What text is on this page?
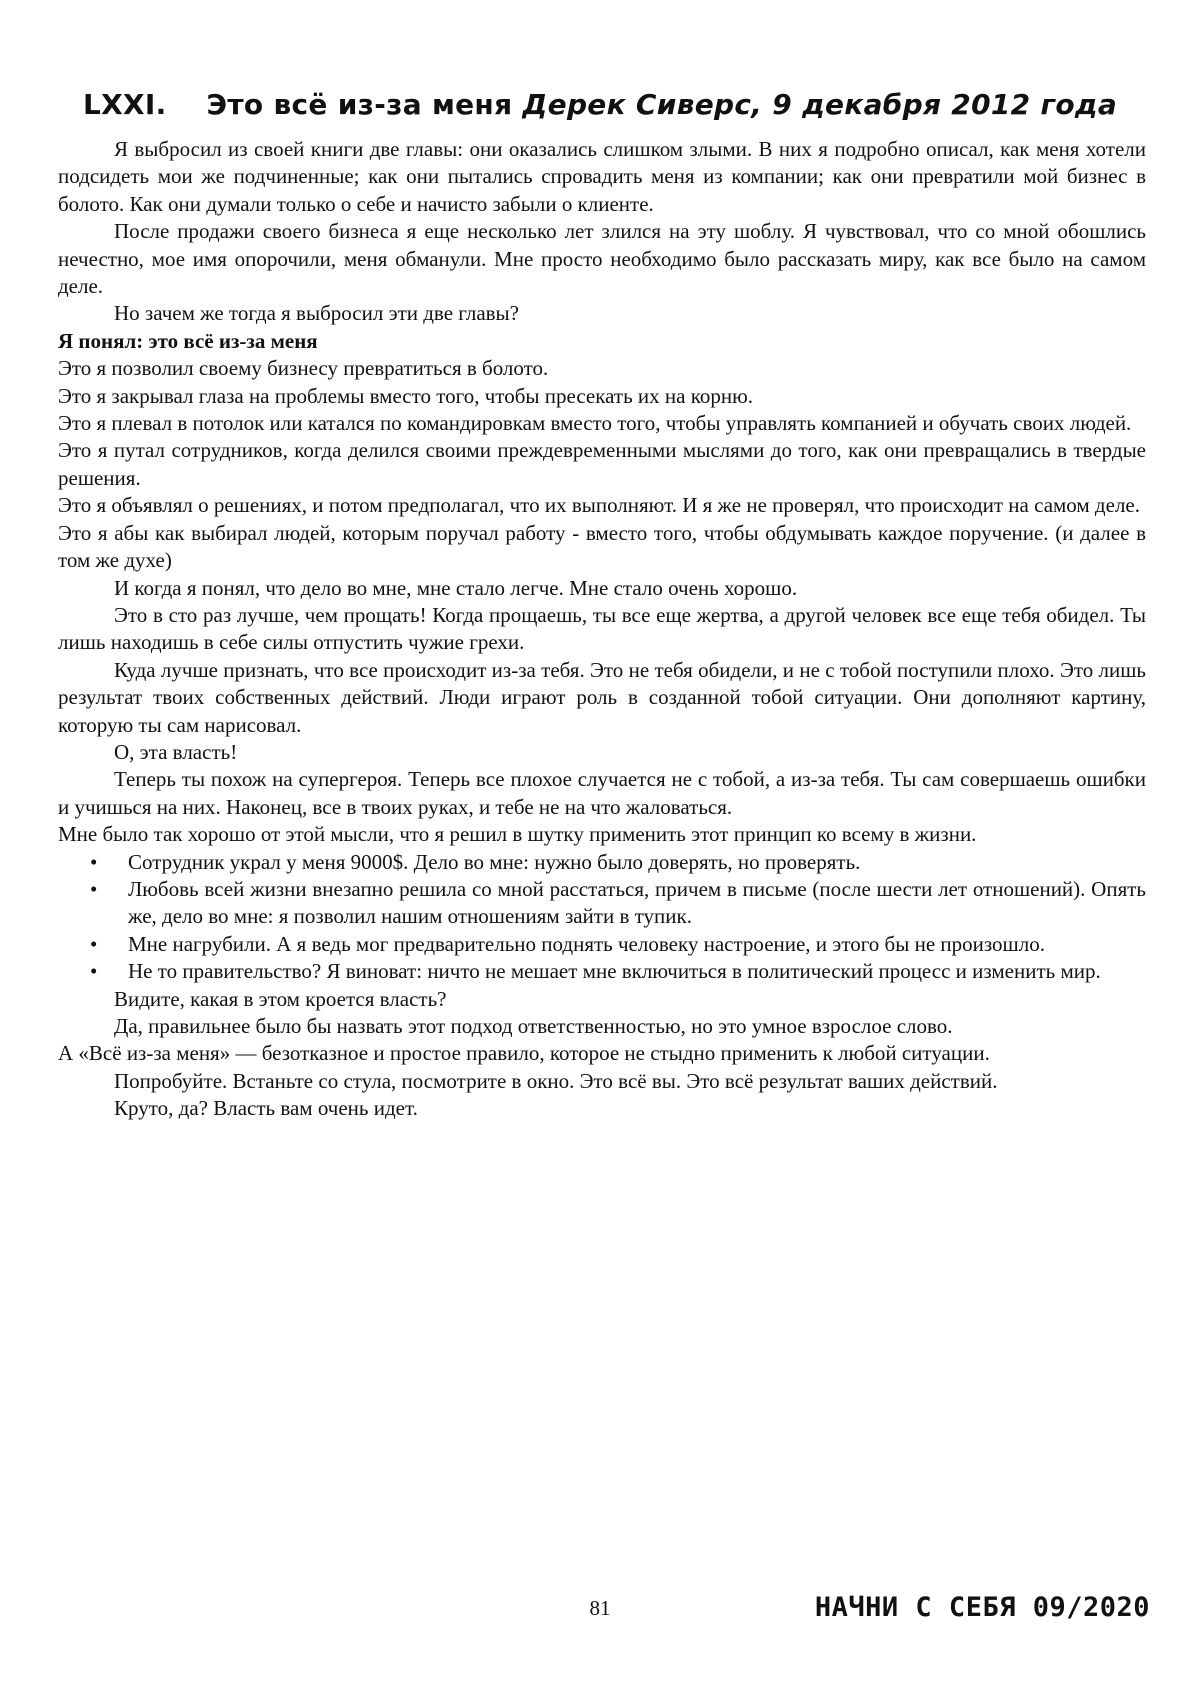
LXXI. Это всё из-за меня Дерек Сиверс, 9 декабря 2012 года

Я выбросил из своей книги две главы: они оказались слишком злыми. В них я подробно описал, как меня хотели подсидеть мои же подчиненные; как они пытались спровадить меня из компании; как они превратили мой бизнес в болото. Как они думали только о себе и начисто забыли о клиенте.

После продажи своего бизнеса я еще несколько лет злился на эту шоблу. Я чувствовал, что со мной обошлись нечестно, мое имя опорочили, меня обманули. Мне просто необходимо было рассказать миру, как все было на самом деле.

Но зачем же тогда я выбросил эти две главы?

Я понял: это всё из-за меня

Это я позволил своему бизнесу превратиться в болото.

Это я закрывал глаза на проблемы вместо того, чтобы пресекать их на корню.

Это я плевал в потолок или катался по командировкам вместо того, чтобы управлять компанией и обучать своих людей.

Это я путал сотрудников, когда делился своими преждевременными мыслями до того, как они превращались в твердые решения.

Это я объявлял о решениях, и потом предполагал, что их выполняют. И я же не проверял, что происходит на самом деле.

Это я абы как выбирал людей, которым поручал работу - вместо того, чтобы обдумывать каждое поручение. (и далее в том же духе)

И когда я понял, что дело во мне, мне стало легче. Мне стало очень хорошо.

Это в сто раз лучше, чем прощать! Когда прощаешь, ты все еще жертва, а другой человек все еще тебя обидел. Ты лишь находишь в себе силы отпустить чужие грехи.

Куда лучше признать, что все происходит из-за тебя. Это не тебя обидели, и не с тобой поступили плохо. Это лишь результат твоих собственных действий. Люди играют роль в созданной тобой ситуации. Они дополняют картину, которую ты сам нарисовал.

О, эта власть!

Теперь ты похож на супергероя. Теперь все плохое случается не с тобой, а из-за тебя. Ты сам совершаешь ошибки и учишься на них. Наконец, все в твоих руках, и тебе не на что жаловаться.

Мне было так хорошо от этой мысли, что я решил в шутку применить этот принцип ко всему в жизни.

• Сотрудник украл у меня 9000$. Дело во мне: нужно было доверять, но проверять.
• Любовь всей жизни внезапно решила со мной расстаться, причем в письме (после шести лет отношений). Опять же, дело во мне: я позволил нашим отношениям зайти в тупик.
• Мне нагрубили. А я ведь мог предварительно поднять человеку настроение, и этого бы не произошло.
• Не то правительство? Я виноват: ничто не мешает мне включиться в политический процесс и изменить мир.

Видите, какая в этом кроется власть?

Да, правильнее было бы назвать этот подход ответственностью, но это умное взрослое слово.

А «Всё из-за меня» — безотказное и простое правило, которое не стыдно применить к любой ситуации.

Попробуйте. Встаньте со стула, посмотрите в окно. Это всё вы. Это всё результат ваших действий.

Круто, да? Власть вам очень идет.

81	НАЧНИ С СЕБЯ 09/2020
